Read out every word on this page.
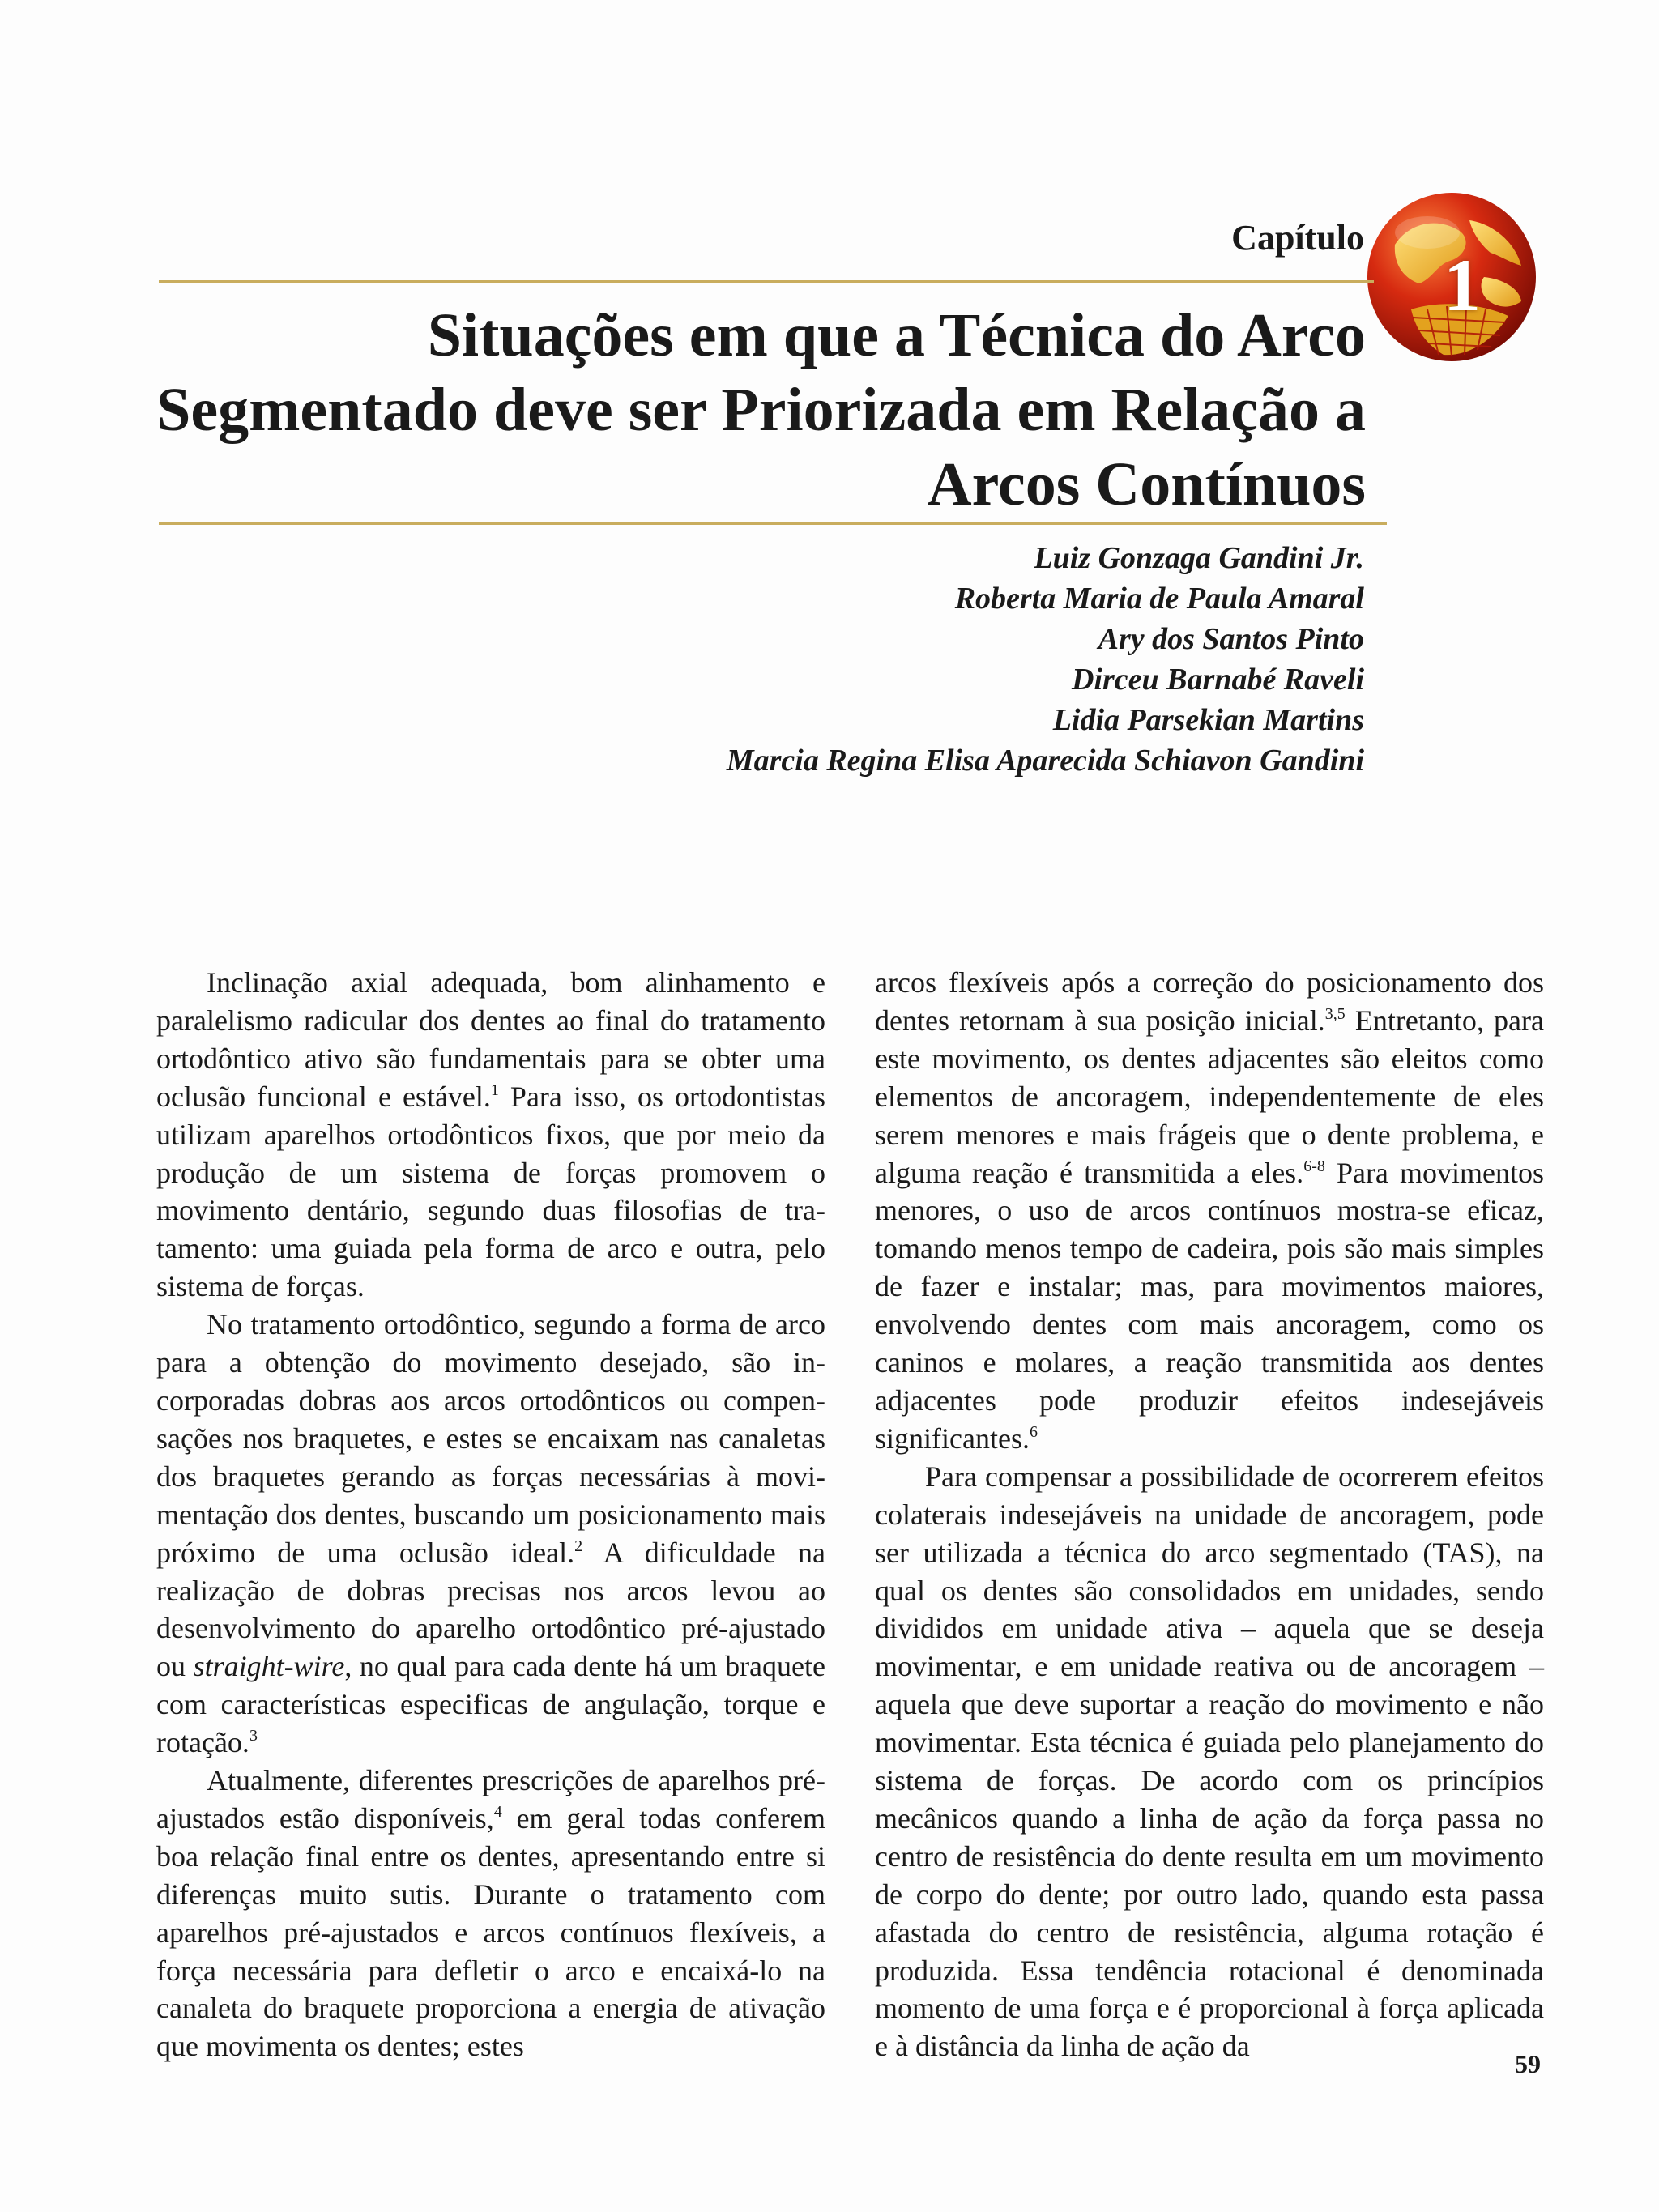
Capítulo
1
Situações em que a Técnica do Arco
Segmentado deve ser Priorizada em Relação a
Arcos Contínuos
Luiz Gonzaga Gandini Jr.
Roberta Maria de Paula Amaral
Ary dos Santos Pinto
Dirceu Barnabé Raveli
Lidia Parsekian Martins
Marcia Regina Elisa Aparecida Schiavon Gandini

Inclinação axial adequada, bom alinhamento e paralelismo radicular dos dentes ao final do tratamento ortodôntico ativo são fundamentais para se obter uma oclusão funcional e estável.$^1$ Para isso, os ortodontistas utilizam aparelhos ortodônticos fixos, que por meio da produção de um sistema de forças promovem o movimento dentário, segundo duas filosofias de tratamento: uma guiada pela forma de arco e outra, pelo sistema de forças.

No tratamento ortodôntico, segundo a forma de arco para a obtenção do movimento desejado, são incorporadas dobras aos arcos ortodônticos ou compensações nos braquetes, e estes se encaixam nas canaletas dos braquetes gerando as forças necessárias à movimentação dos dentes, buscando um posicionamento mais próximo de uma oclusão ideal.$^2$ A dificuldade na realização de dobras precisas nos arcos levou ao desenvolvimento do aparelho ortodôntico pré-ajustado ou straight-wire, no qual para cada dente há um braquete com características especificas de angulação, torque e rotação.$^3$

Atualmente, diferentes prescrições de aparelhos pré-ajustados estão disponíveis,$^4$ em geral todas conferem boa relação final entre os dentes, apresentando entre si diferenças muito sutis. Durante o tratamento com aparelhos pré-ajustados e arcos contínuos flexíveis, a força necessária para defletir o arco e encaixá-lo na canaleta do braquete proporciona a energia de ativação que movimenta os dentes; estes

arcos flexíveis após a correção do posicionamento dos dentes retornam à sua posição inicial.$^{3,5}$ Entretanto, para este movimento, os dentes adjacentes são eleitos como elementos de ancoragem, independentemente de eles serem menores e mais frágeis que o dente problema, e alguma reação é transmitida a eles.$^{6-8}$ Para movimentos menores, o uso de arcos contínuos mostra-se eficaz, tomando menos tempo de cadeira, pois são mais simples de fazer e instalar; mas, para movimentos maiores, envolvendo dentes com mais ancoragem, como os caninos e molares, a reação transmitida aos dentes adjacentes pode produzir efeitos indesejáveis significantes.$^6$

Para compensar a possibilidade de ocorrerem efeitos colaterais indesejáveis na unidade de ancoragem, pode ser utilizada a técnica do arco segmentado (TAS), na qual os dentes são consolidados em unidades, sendo divididos em unidade ativa – aquela que se deseja movimentar, e em unidade reativa ou de ancoragem – aquela que deve suportar a reação do movimento e não movimentar. Esta técnica é guiada pelo planejamento do sistema de forças. De acordo com os princípios mecânicos quando a linha de ação da força passa no centro de resistência do dente resulta em um movimento de corpo do dente; por outro lado, quando esta passa afastada do centro de resistência, alguma rotação é produzida. Essa tendência rotacional é denominada momento de uma força e é proporcional à força aplicada e à distância da linha de ação da

59
